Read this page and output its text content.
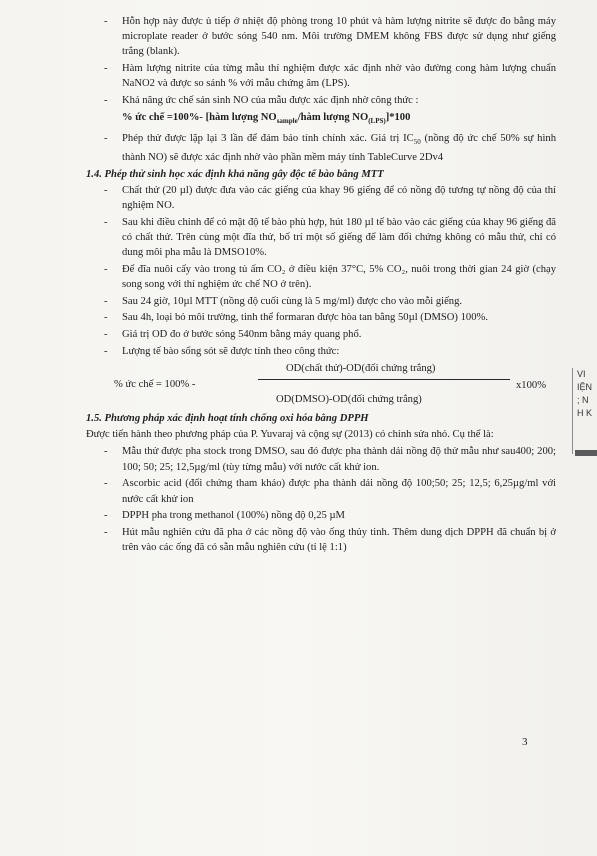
- Hỗn hợp này được ủ tiếp ở nhiệt độ phòng trong 10 phút và hàm lượng nitrite sẽ được đo bằng máy microplate reader ở bước sóng 540 nm. Môi trường DMEM không FBS được sử dụng như giếng trắng (blank).
- Hàm lượng nitrite của từng mẫu thí nghiệm được xác định nhờ vào đường cong hàm lượng chuẩn NaNO2 và được so sánh % với mẫu chứng âm (LPS).
- Khả năng ức chế sản sinh NO của mẫu được xác định nhờ công thức :
% ức chế =100%- [hàm lượng $NO_{sample}$/hàm lượng $NO_{(LPS)}]*100$
- Phép thử được lặp lại 3 lần để đảm bảo tính chính xác. Giá trị $IC_{50}$ (nồng độ ức chế 50% sự hình thành NO) sẽ được xác định nhờ vào phần mềm máy tính TableCurve 2Dv4
1.4. Phép thử sinh học xác định khả năng gây độc tế bào bằng MTT
- Chất thử (20 µl) được đưa vào các giếng của khay 96 giếng để có nồng độ tương tự nồng độ của thí nghiệm NO.
- Sau khi điều chỉnh để có mật độ tế bào phù hợp, hút 180 µl tế bào vào các giếng của khay 96 giếng đã có chất thử. Trên cùng một đĩa thử, bố trí một số giếng để làm đối chứng không có mẫu thử, chỉ có dung môi pha mẫu là DMSO10%.
- Để đĩa nuôi cấy vào trong tủ ấm CO₂ ở điều kiện 37°C, 5% CO₂, nuôi trong thời gian 24 giờ (chạy song song với thí nghiệm ức chế NO ở trên).
- Sau 24 giờ, 10µl MTT (nồng độ cuối cùng là 5 mg/ml) được cho vào mỗi giếng.
- Sau 4h, loại bỏ môi trường, tinh thể formaran được hòa tan bằng 50µl (DMSO) 100%.
- Giá trị OD đo ở bước sóng 540nm bằng máy quang phổ.
- Lượng tế bào sống sót sẽ được tính theo công thức:
% ức chế = 100% -
OD(chất thử)-OD(đối chứng trắng)
OD(DMSO)-OD(đối chứng trắng)
x100%
1.5. Phương pháp xác định hoạt tính chống oxi hóa bằng DPPH
Được tiến hành theo phương pháp của P. Yuvaraj và cộng sự (2013) có chỉnh sửa nhỏ. Cụ thể là:
- Mẫu thử được pha stock trong DMSO, sau đó được pha thành dải nồng độ thử mẫu như sau400; 200; 100; 50; 25; 12,5µg/ml (tùy từng mẫu) với nước cất khử ion.
- Ascorbic acid (đối chứng tham khảo) được pha thành dải nồng độ 100;50; 25; 12,5; 6,25µg/ml với nước cất khử ion
- DPPH pha trong methanol (100%) nồng độ 0,25 µM
- Hút mẫu nghiên cứu đã pha ở các nồng độ vào ống thủy tinh. Thêm dung dịch DPPH đã chuẩn bị ở trên vào các ống đã có sẵn mẫu nghiên cứu (tỉ lệ 1:1)
3
VI
IỆN
; N
H K
